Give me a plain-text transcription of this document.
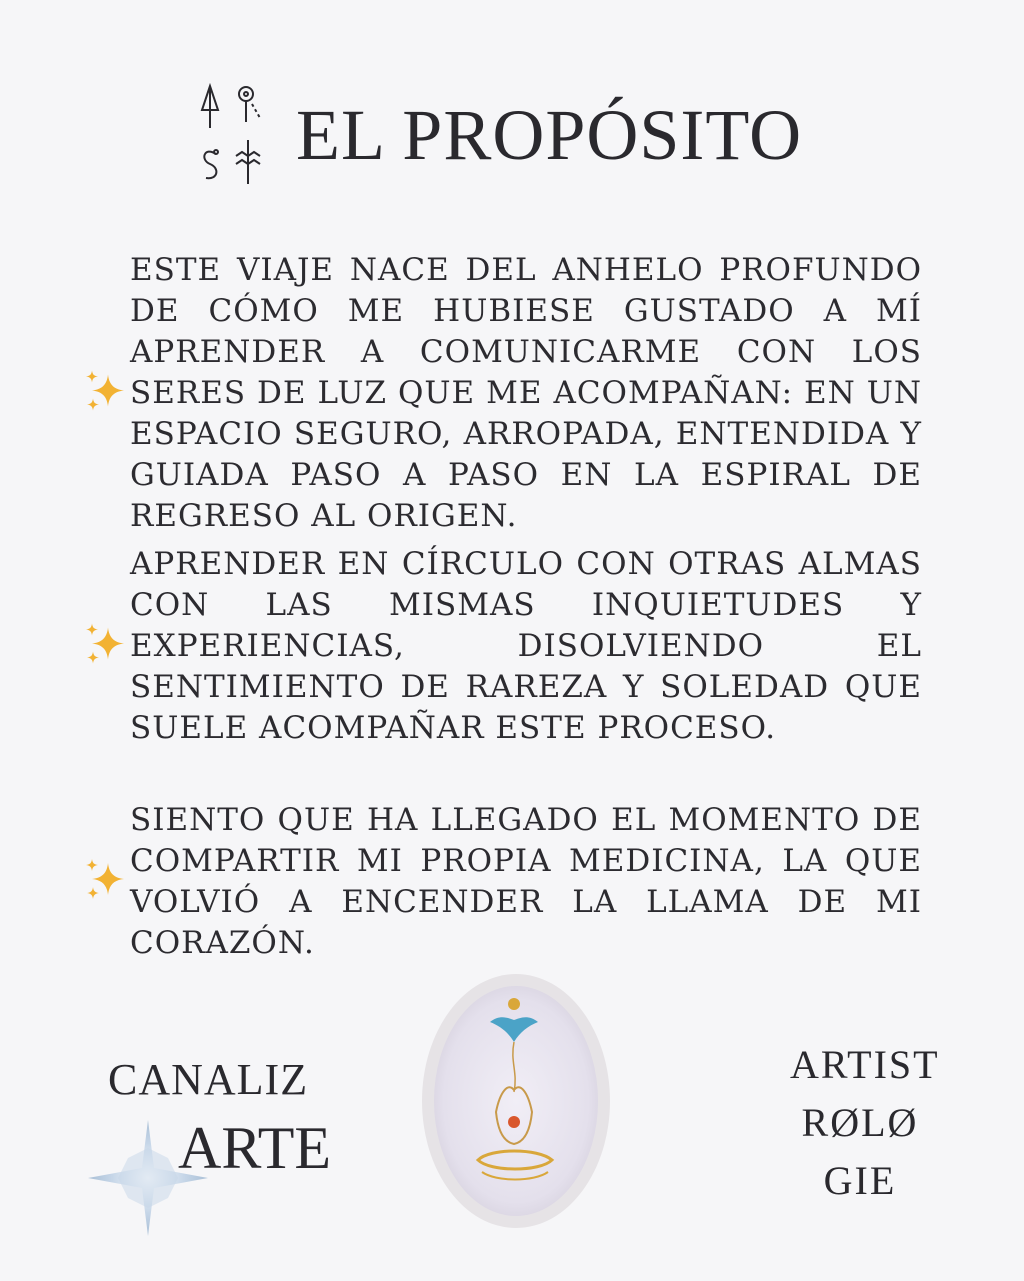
EL PROPÓSITO

ESTE VIAJE NACE DEL ANHELO PROFUNDO DE CÓMO ME HUBIESE GUSTADO A MÍ APRENDER A COMUNICARME CON LOS SERES DE LUZ QUE ME ACOMPAÑAN: EN UN ESPACIO SEGURO, ARROPADA, ENTENDIDA Y GUIADA PASO A PASO EN LA ESPIRAL DE REGRESO AL ORIGEN.

APRENDER EN CÍRCULO CON OTRAS ALMAS CON LAS MISMAS INQUIETUDES Y EXPERIENCIAS, DISOLVIENDO EL SENTIMIENTO DE RAREZA Y SOLEDAD QUE SUELE ACOMPAÑAR ESTE PROCESO.

SIENTO QUE HA LLEGADO EL MOMENTO DE COMPARTIR MI PROPIA MEDICINA, LA QUE VOLVIÓ A ENCENDER LA LLAMA DE MI CORAZÓN.

CANALIZ
ARTE
ARTIST
RØLØ
GIE
